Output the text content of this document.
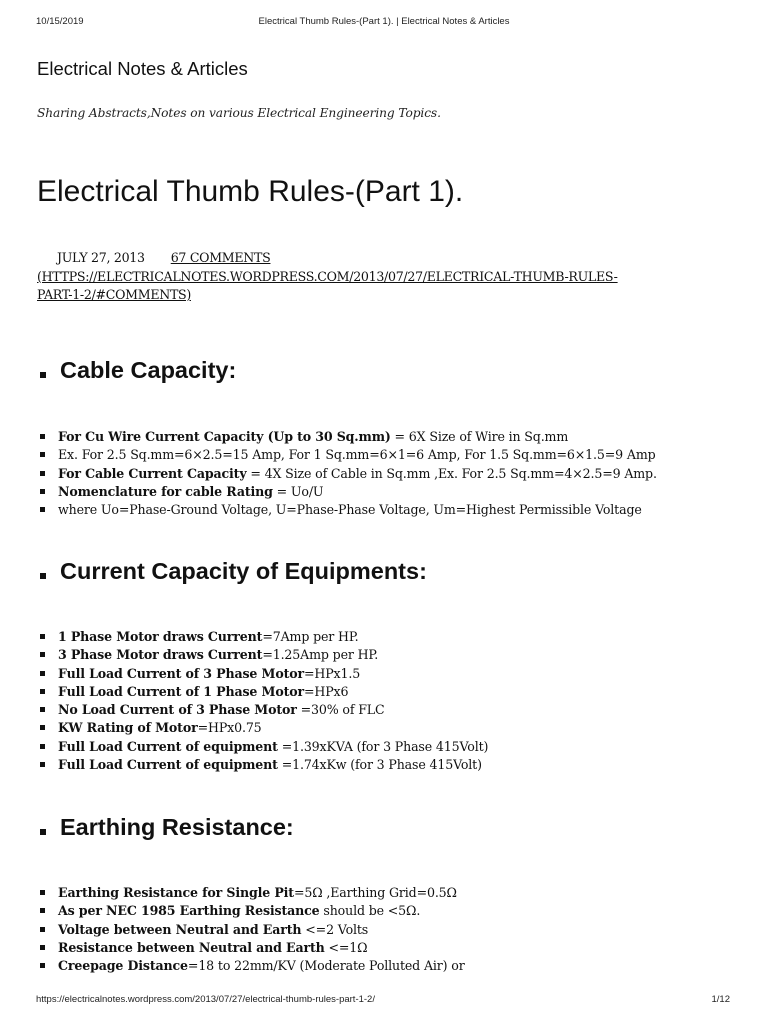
10/15/2019	Electrical Thumb Rules-(Part 1). | Electrical Notes & Articles
Electrical Notes & Articles
Sharing Abstracts,Notes on various Electrical Engineering Topics.
Electrical Thumb Rules-(Part 1).
JULY 27, 2013 67 COMMENTS
(HTTPS://ELECTRICALNOTES.WORDPRESS.COM/2013/07/27/ELECTRICAL-THUMB-RULES-
PART-1-2/#COMMENTS)
Cable Capacity:
For Cu Wire Current Capacity (Up to 30 Sq.mm) = 6X Size of Wire in Sq.mm
Ex. For 2.5 Sq.mm=6×2.5=15 Amp, For 1 Sq.mm=6×1=6 Amp, For 1.5 Sq.mm=6×1.5=9 Amp
For Cable Current Capacity = 4X Size of Cable in Sq.mm ,Ex. For 2.5 Sq.mm=4×2.5=9 Amp.
Nomenclature for cable Rating = Uo/U
where Uo=Phase-Ground Voltage, U=Phase-Phase Voltage, Um=Highest Permissible Voltage
Current Capacity of Equipments:
1 Phase Motor draws Current=7Amp per HP.
3 Phase Motor draws Current=1.25Amp per HP.
Full Load Current of 3 Phase Motor=HPx1.5
Full Load Current of 1 Phase Motor=HPx6
No Load Current of 3 Phase Motor =30% of FLC
KW Rating of Motor=HPx0.75
Full Load Current of equipment =1.39xKVA (for 3 Phase 415Volt)
Full Load Current of equipment =1.74xKw (for 3 Phase 415Volt)
Earthing Resistance:
Earthing Resistance for Single Pit=5Ω ,Earthing Grid=0.5Ω
As per NEC 1985 Earthing Resistance should be <5Ω.
Voltage between Neutral and Earth <=2 Volts
Resistance between Neutral and Earth <=1Ω
Creepage Distance=18 to 22mm/KV (Moderate Polluted Air) or
https://electricalnotes.wordpress.com/2013/07/27/electrical-thumb-rules-part-1-2/	1/12
